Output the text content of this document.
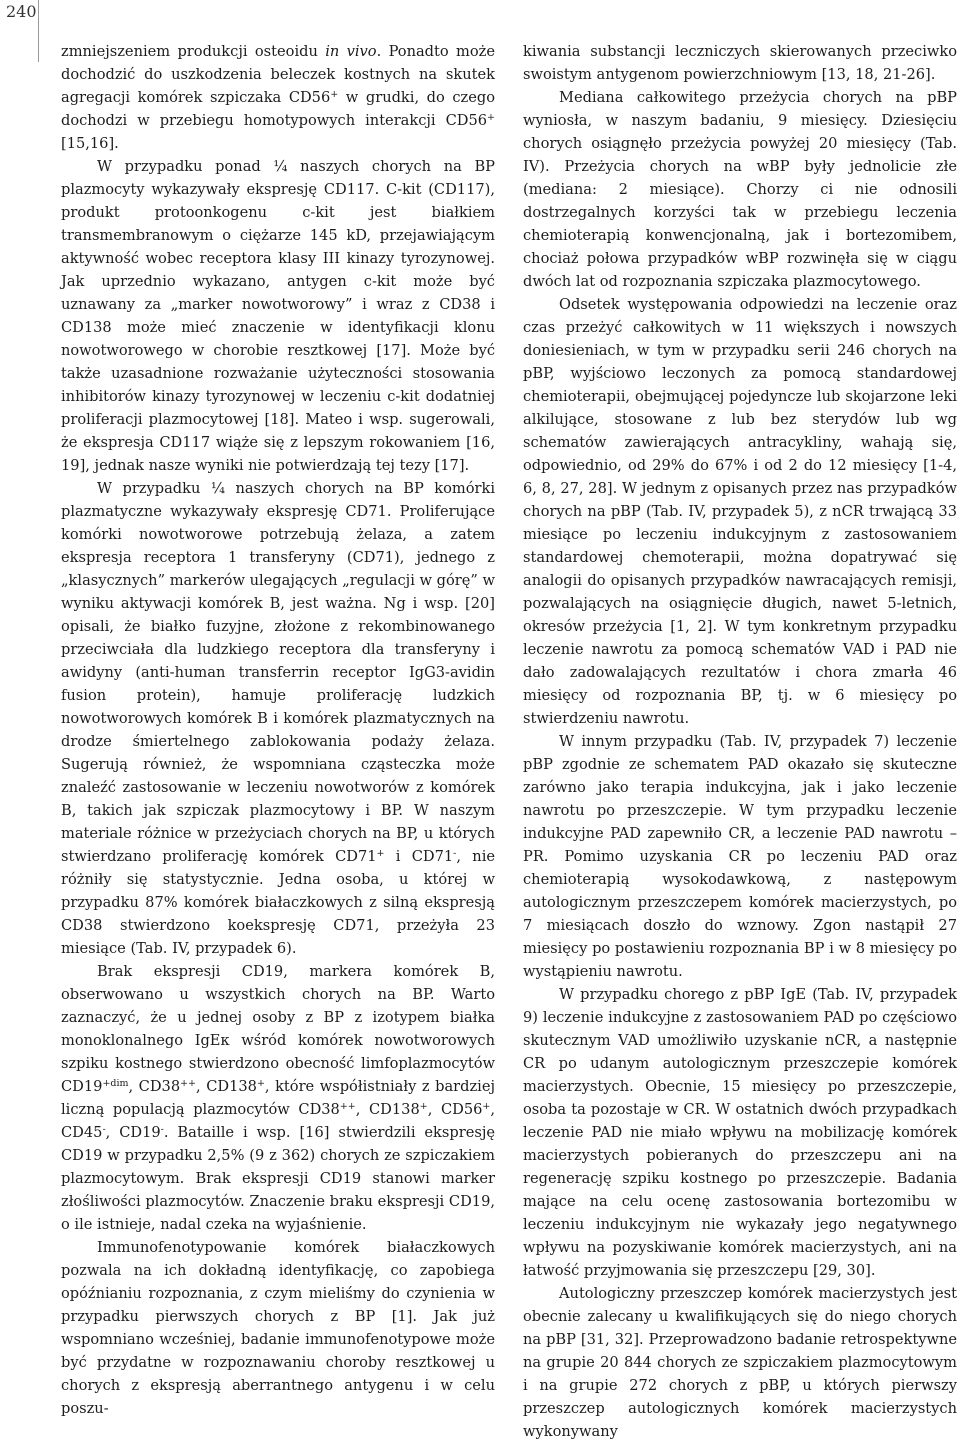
240

zmniejszeniem produkcji osteoidu in vivo. Ponadto może dochodzić do uszkodzenia beleczek kostnych na skutek agregacji komórek szpiczaka CD56+ w grudki, do czego dochodzi w przebiegu homotypowych interakcji CD56+ [15,16].

W przypadku ponad ¼ naszych chorych na BP plazmocyty wykazywały ekspresję CD117. C-kit (CD117), produkt protoonkogenu c-kit jest białkiem transmembranowym o ciężarze 145 kD, przejawiającym aktywność wobec receptora klasy III kinazy tyrozynowej. Jak uprzednio wykazano, antygen c-kit może być uznawany za „marker nowotworowy” i wraz z CD38 i CD138 może mieć znaczenie w identyfikacji klonu nowotworowego w chorobie resztkowej [17]. Może być także uzasadnione rozważanie użyteczności stosowania inhibitorów kinazy tyrozynowej w leczeniu c-kit dodatniej proliferacji plazmocytowej [18]. Mateo i wsp. sugerowali, że ekspresja CD117 wiąże się z lepszym rokowaniem [16, 19], jednak nasze wyniki nie potwierdzają tej tezy [17].

W przypadku ¼ naszych chorych na BP komórki plazmatyczne wykazywały ekspresję CD71. Proliferujące komórki nowotworowe potrzebują żelaza, a zatem ekspresja receptora 1 transferyny (CD71), jednego z „klasycznych” markerów ulegających „regulacji w górę” w wyniku aktywacji komórek B, jest ważna. Ng i wsp. [20] opisali, że białko fuzyjne, złożone z rekombinowanego przeciwciała dla ludzkiego receptora dla transferyny i awidyny (anti-human transferrin receptor IgG3-avidin fusion protein), hamuje proliferację ludzkich nowotworowych komórek B i komórek plazmatycznych na drodze śmiertelnego zablokowania podaży żelaza. Sugerują również, że wspomniana cząsteczka może znaleźć zastosowanie w leczeniu nowotworów z komórek B, takich jak szpiczak plazmocytowy i BP. W naszym materiale różnice w przeżyciach chorych na BP, u których stwierdzano proliferację komórek CD71+ i CD71-, nie różniły się statystycznie. Jedna osoba, u której w przypadku 87% komórek białaczkowych z silną ekspresją CD38 stwierdzono koekspresję CD71, przeżyła 23 miesiące (Tab. IV, przypadek 6).

Brak ekspresji CD19, markera komórek B, obserwowano u wszystkich chorych na BP. Warto zaznaczyć, że u jednej osoby z BP z izotypem białka monoklonalnego IgEκ wśród komórek nowotworowych szpiku kostnego stwierdzono obecność limfoplazmocytów $CD19^{+dim}$, CD38++, CD138+, które współistniały z bardziej liczną populacją plazmocytów CD38++, CD138+, CD56+, CD45-, CD19-. Bataille i wsp. [16] stwierdzili ekspresję CD19 w przypadku 2,5% (9 z 362) chorych ze szpiczakiem plazmocytowym. Brak ekspresji CD19 stanowi marker złośliwości plazmocytów. Znaczenie braku ekspresji CD19, o ile istnieje, nadal czeka na wyjaśnienie.

Immunofenotypowanie komórek białaczkowych pozwala na ich dokładną identyfikację, co zapobiega opóźnianiu rozpoznania, z czym mieliśmy do czynienia w przypadku pierwszych chorych z BP [1]. Jak już wspomniano wcześniej, badanie immunofenotypowe może być przydatne w rozpoznawaniu choroby resztkowej u chorych z ekspresją aberrantnego antygenu i w celu poszu-

kiwania substancji leczniczych skierowanych przeciwko swoistym antygenom powierzchniowym [13, 18, 21-26].

Mediana całkowitego przeżycia chorych na pBP wyniosła, w naszym badaniu, 9 miesięcy. Dziesięciu chorych osiągnęło przeżycia powyżej 20 miesięcy (Tab. IV). Przeżycia chorych na wBP były jednolicie złe (mediana: 2 miesiące). Chorzy ci nie odnosili dostrzegalnych korzyści tak w przebiegu leczenia chemioterapią konwencjonalną, jak i bortezomibem, chociaż połowa przypadków wBP rozwinęła się w ciągu dwóch lat od rozpoznania szpiczaka plazmocytowego.

Odsetek występowania odpowiedzi na leczenie oraz czas przeżyć całkowitych w 11 większych i nowszych doniesieniach, w tym w przypadku serii 246 chorych na pBP, wyjściowo leczonych za pomocą standardowej chemioterapii, obejmującej pojedyncze lub skojarzone leki alkilujące, stosowane z lub bez sterydów lub wg schematów zawierających antracykliny, wahają się, odpowiednio, od 29% do 67% i od 2 do 12 miesięcy [1-4, 6, 8, 27, 28]. W jednym z opisanych przez nas przypadków chorych na pBP (Tab. IV, przypadek 5), z nCR trwającą 33 miesiące po leczeniu indukcyjnym z zastosowaniem standardowej chemoterapii, można dopatrywać się analogii do opisanych przypadków nawracających remisji, pozwalających na osiągnięcie długich, nawet 5-letnich, okresów przeżycia [1, 2]. W tym konkretnym przypadku leczenie nawrotu za pomocą schematów VAD i PAD nie dało zadowalających rezultatów i chora zmarła 46 miesięcy od rozpoznania BP, tj. w 6 miesięcy po stwierdzeniu nawrotu.

W innym przypadku (Tab. IV, przypadek 7) leczenie pBP zgodnie ze schematem PAD okazało się skuteczne zarówno jako terapia indukcyjna, jak i jako leczenie nawrotu po przeszczepie. W tym przypadku leczenie indukcyjne PAD zapewniło CR, a leczenie PAD nawrotu – PR. Pomimo uzyskania CR po leczeniu PAD oraz chemioterapią wysokodawkową, z następowym autologicznym przeszczepem komórek macierzystych, po 7 miesiącach doszło do wznowy. Zgon nastąpił 27 miesięcy po postawieniu rozpoznania BP i w 8 miesięcy po wystąpieniu nawrotu.

W przypadku chorego z pBP IgE (Tab. IV, przypadek 9) leczenie indukcyjne z zastosowaniem PAD po częściowo skutecznym VAD umożliwiło uzyskanie nCR, a następnie CR po udanym autologicznym przeszczepie komórek macierzystych. Obecnie, 15 miesięcy po przeszczepie, osoba ta pozostaje w CR. W ostatnich dwóch przypadkach leczenie PAD nie miało wpływu na mobilizację komórek macierzystych pobieranych do przeszczepu ani na regenerację szpiku kostnego po przeszczepie. Badania mające na celu ocenę zastosowania bortezomibu w leczeniu indukcyjnym nie wykazały jego negatywnego wpływu na pozyskiwanie komórek macierzystych, ani na łatwość przyjmowania się przeszczepu [29, 30].

Autologiczny przeszczep komórek macierzystych jest obecnie zalecany u kwalifikujących się do niego chorych na pBP [31, 32]. Przeprowadzono badanie retrospektywne na grupie 20 844 chorych ze szpiczakiem plazmocytowym i na grupie 272 chorych z pBP, u których pierwszy przeszczep autologicznych komórek macierzystych wykonywany
